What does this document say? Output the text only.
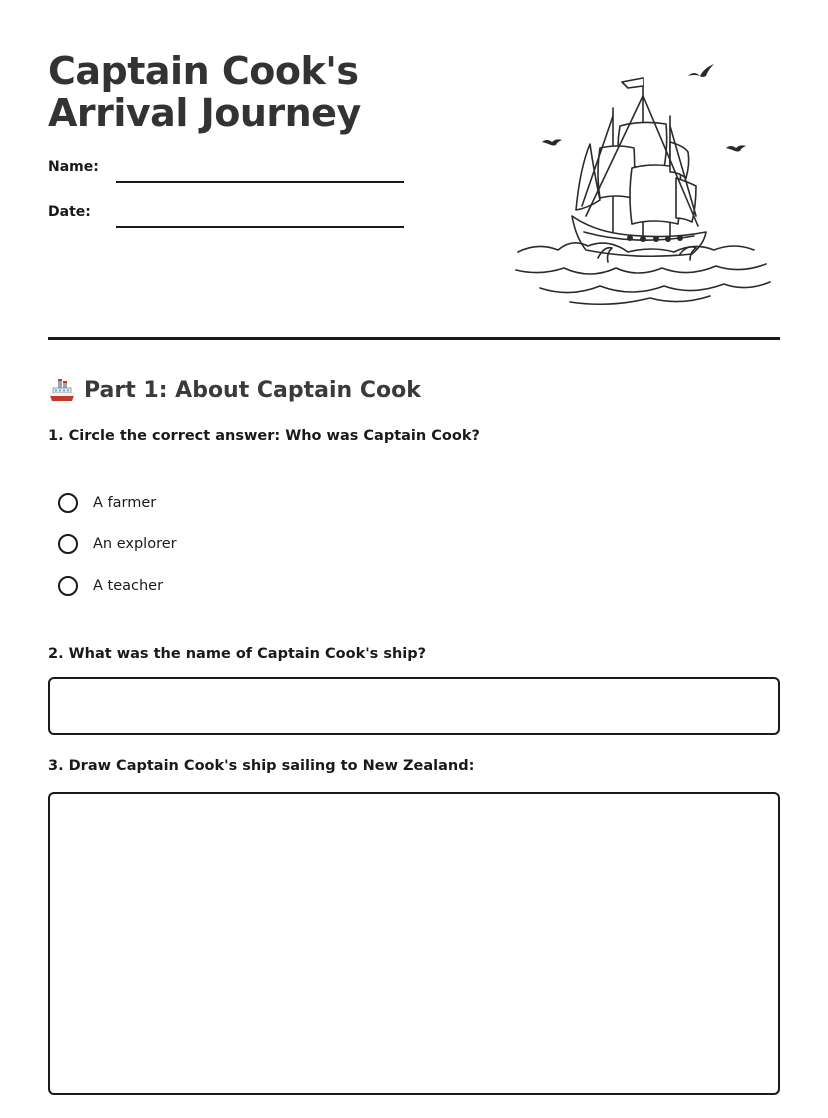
Captain Cook's Arrival Journey
Name:
Date:
Part 1: About Captain Cook
1. Circle the correct answer: Who was Captain Cook?
A farmer
An explorer
A teacher
2. What was the name of Captain Cook's ship?
3. Draw Captain Cook's ship sailing to New Zealand:
